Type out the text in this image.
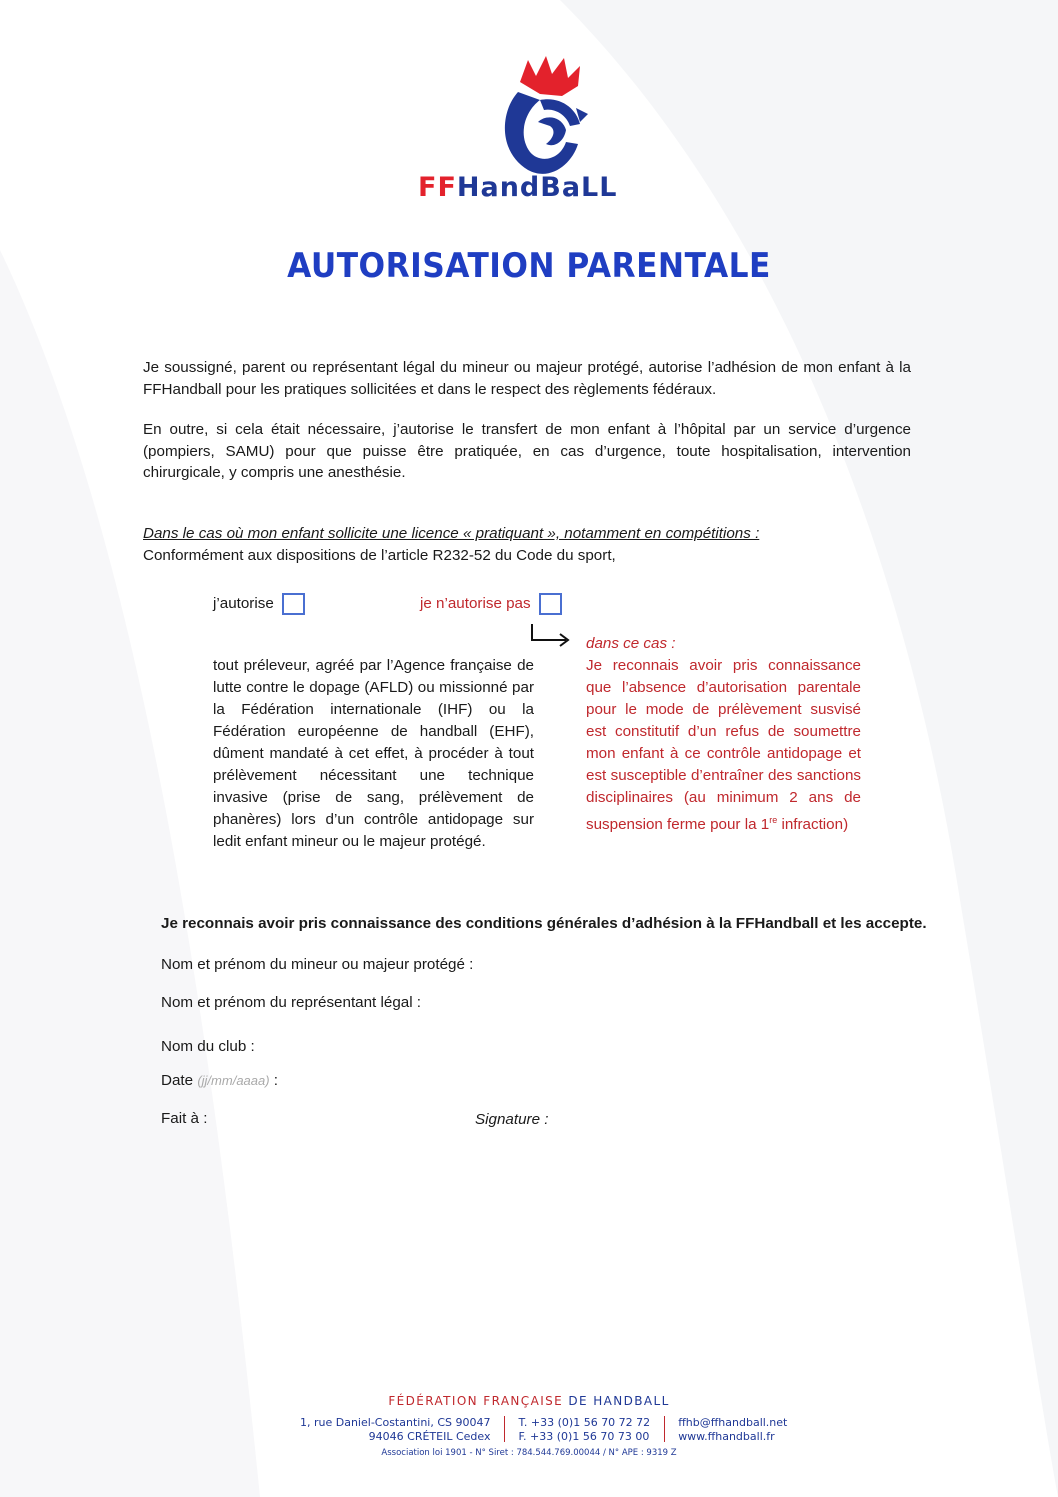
FFHandBaLL
AUTORISATION PARENTALE
Je soussigné, parent ou représentant légal du mineur ou majeur protégé, autorise l’adhésion de mon enfant à la FFHandball pour les pratiques sollicitées et dans le respect des règlements fédéraux.
En outre, si cela était nécessaire, j’autorise le transfert de mon enfant à l’hôpital par un service d’urgence (pompiers, SAMU) pour que puisse être pratiquée, en cas d’urgence, toute hospitalisation, intervention chirurgicale, y compris une anesthésie.
Dans le cas où mon enfant sollicite une licence « pratiquant », notamment en compétitions :
Conformément aux dispositions de l’article R232-52 du Code du sport,
j’autorise	je n’autorise pas
tout préleveur, agréé par l’Agence française de lutte contre le dopage (AFLD) ou missionné par la Fédération internationale (IHF) ou la Fédération européenne de handball (EHF), dûment mandaté à cet effet, à procéder à tout prélèvement nécessitant une technique invasive (prise de sang, prélèvement de phanères) lors d’un contrôle antidopage sur ledit enfant mineur ou le majeur protégé.
dans ce cas :
Je reconnais avoir pris connaissance que l’absence d’autorisation parentale pour le mode de prélèvement susvisé est constitutif d’un refus de soumettre mon enfant à ce contrôle antidopage et est susceptible d’entraîner des sanctions disciplinaires (au minimum 2 ans de suspension ferme pour la 1re infraction)
Je reconnais avoir pris connaissance des conditions générales d’adhésion à la FFHandball et les accepte.
Nom et prénom du mineur ou majeur protégé :
Nom et prénom du représentant légal :
Nom du club :
Date (jj/mm/aaaa) :
Fait à :	Signature :
FÉDÉRATION FRANÇAISE DE HANDBALL
1, rue Daniel-Costantini, CS 90047
94046 CRÉTEIL Cedex  T. +33 (0)1 56 70 72 72
F. +33 (0)1 56 70 73 00  ffhb@ffhandball.net
www.ffhandball.fr
Association loi 1901 - N° Siret : 784.544.769.00044 / N° APE : 9319 Z
